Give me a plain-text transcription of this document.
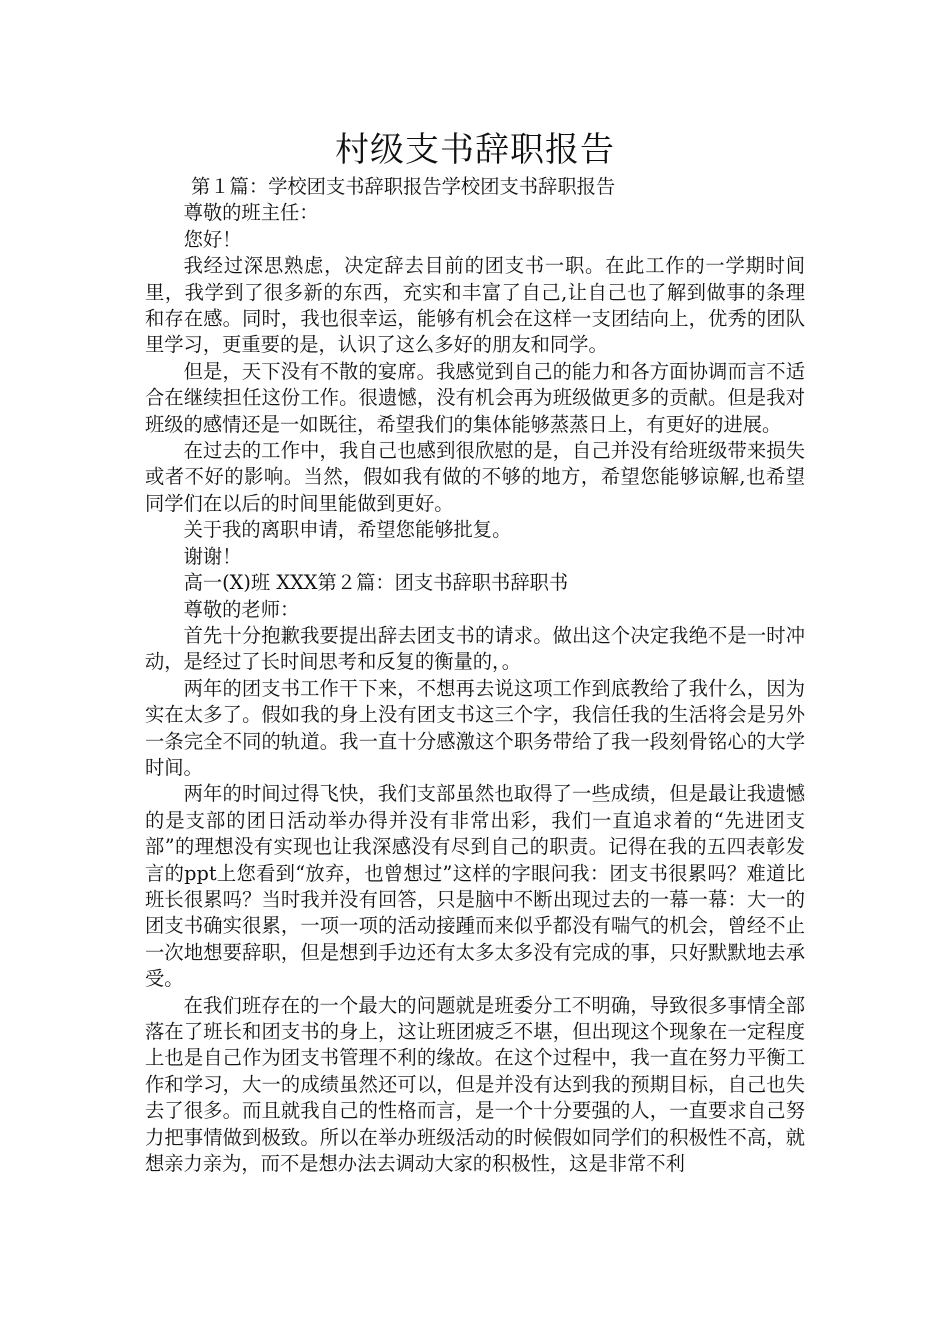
村级支书辞职报告

第１篇：学校团支书辞职报告学校团支书辞职报告

尊敬的班主任：

您好！

我经过深思熟虑，决定辞去目前的团支书一职。在此工作的一学期时间里，我学到了很多新的东西，充实和丰富了自己,让自己也了解到做事的条理和存在感。同时，我也很幸运，能够有机会在这样一支团结向上，优秀的团队里学习，更重要的是，认识了这么多好的朋友和同学。

但是，天下没有不散的宴席。我感觉到自己的能力和各方面协调而言不适合在继续担任这份工作。很遗憾，没有机会再为班级做更多的贡献。但是我对班级的感情还是一如既往，希望我们的集体能够蒸蒸日上，有更好的进展。

在过去的工作中，我自己也感到很欣慰的是，自己并没有给班级带来损失或者不好的影响。当然，假如我有做的不够的地方，希望您能够谅解,也希望同学们在以后的时间里能做到更好。

关于我的离职申请，希望您能够批复。

谢谢！

高一(X)班 XXX第２篇：团支书辞职书辞职书

尊敬的老师：

首先十分抱歉我要提出辞去团支书的请求。做出这个决定我绝不是一时冲动，是经过了长时间思考和反复的衡量的，。

两年的团支书工作干下来，不想再去说这项工作到底教给了我什么，因为实在太多了。假如我的身上没有团支书这三个字，我信任我的生活将会是另外一条完全不同的轨道。我一直十分感激这个职务带给了我一段刻骨铭心的大学时间。

两年的时间过得飞快，我们支部虽然也取得了一些成绩，但是最让我遗憾的是支部的团日活动举办得并没有非常出彩，我们一直追求着的“先进团支部”的理想没有实现也让我深感没有尽到自己的职责。记得在我的五四表彰发言的ppt上您看到“放弃，也曾想过”这样的字眼问我：团支书很累吗？难道比班长很累吗？当时我并没有回答，只是脑中不断出现过去的一幕一幕：大一的团支书确实很累，一项一项的活动接踵而来似乎都没有喘气的机会，曾经不止一次地想要辞职，但是想到手边还有太多太多没有完成的事，只好默默地去承受。

在我们班存在的一个最大的问题就是班委分工不明确，导致很多事情全部落在了班长和团支书的身上，这让班团疲乏不堪，但出现这个现象在一定程度上也是自己作为团支书管理不利的缘故。在这个过程中，我一直在努力平衡工作和学习，大一的成绩虽然还可以，但是并没有达到我的预期目标，自己也失去了很多。而且就我自己的性格而言，是一个十分要强的人，一直要求自己努力把事情做到极致。所以在举办班级活动的时候假如同学们的积极性不高，就想亲力亲为，而不是想办法去调动大家的积极性，这是非常不利
